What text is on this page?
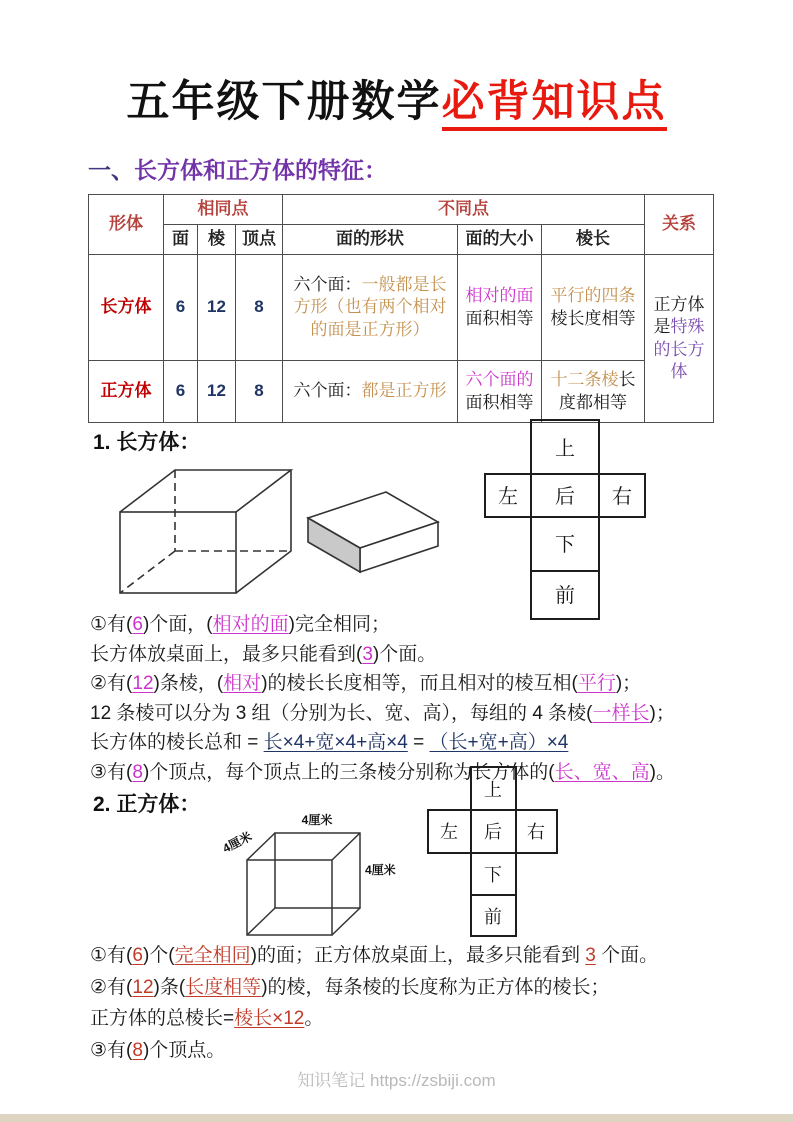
五年级下册数学必背知识点
一、长方体和正方体的特征：
形体	相同点			不同点			关系
	面	棱	顶点	面的形状	面的大小	棱长	
长方体	6	12	8	六个面：一般都是长方形（也有两个相对的面是正方形）	相对的面面积相等	平行的四条棱长度相等	正方体是特殊的长方体
正方体	6	12	8	六个面：都是正方形	六个面的面积相等	十二条棱长度都相等	
1. 长方体：	上
左 后 右
下
前

①有(6)个面，(相对的面)完全相同；

长方体放桌面上，最多只能看到(3)个面。

②有(12)条棱，(相对)的棱长长度相等，而且相对的棱互相(平行)；

12 条棱可以分为 3 组（分别为长、宽、高），每组的 4 条棱(一样长)；

长方体的棱长总和 = 长×4+宽×4+高×4 = （长+宽+高）×4

③有(8)个顶点，每个顶点上的三条棱分别称为长方体的(长、宽、高)。

2. 正方体：
4厘米
4厘米
4厘米
上
左 后 右
下
前

①有(6)个(完全相同)的面；正方体放桌面上，最多只能看到 3 个面。

②有(12)条(长度相等)的棱，每条棱的长度称为正方体的棱长；

正方体的总棱长=棱长×12。

③有(8)个顶点。

知识笔记 https://zsbiji.com
